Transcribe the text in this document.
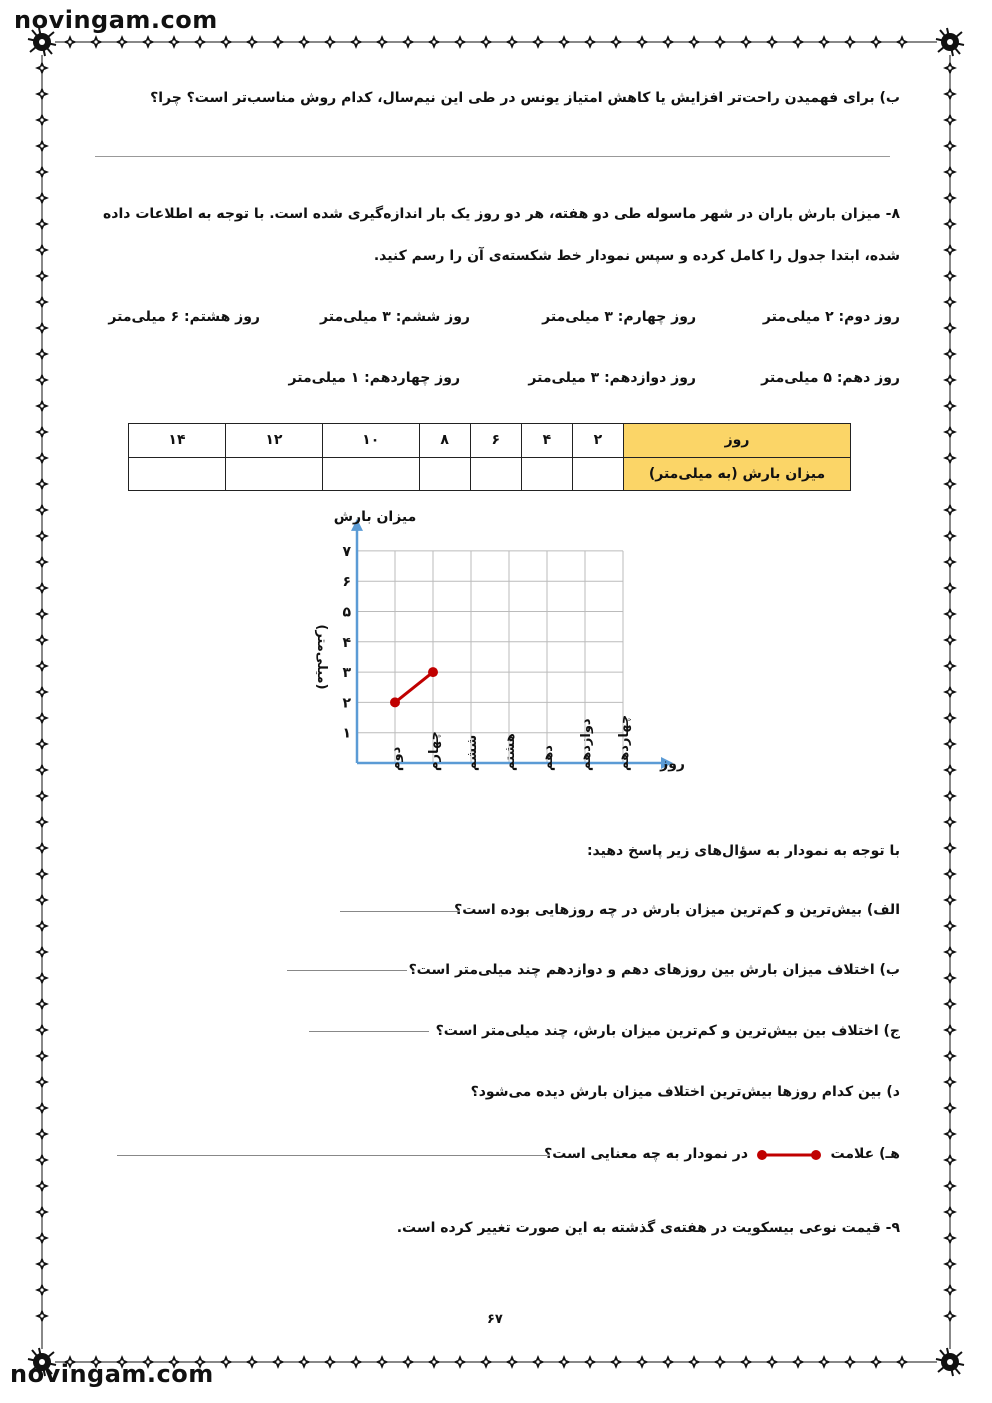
novingam.com
novingam.com
ب) برای فهمیدن راحت‌تر افزایش یا کاهش امتیاز یونس در طی این نیم‌سال، کدام روش مناسب‌تر است؟ چرا؟
۸- میزان بارش باران در شهر ماسوله طی دو هفته، هر دو روز یک بار اندازه‌گیری شده است. با توجه به اطلاعات داده
شده، ابتدا جدول را کامل کرده و سپس نمودار خط شکسته‌ی آن را رسم کنید.
روز دوم: ۲ میلی‌متر
روز چهارم: ۳ میلی‌متر
روز ششم: ۳ میلی‌متر
روز هشتم: ۶ میلی‌متر
روز دهم: ۵ میلی‌متر
روز دوازدهم: ۳ میلی‌متر
روز چهاردهم: ۱ میلی‌متر
روز	۲	۴	۶	۸	۱۰	۱۲	۱۴
میزان بارش (به میلی‌متر)							
۱
۲
۳
۴
۵
۶
۷
دوم چهارم ششم هشتم دهم دوازدهم چهاردهم
میزان بارش
(میلی‌متر)
روز
با توجه به نمودار به سؤال‌های زیر پاسخ دهید:
الف) بیش‌ترین و کم‌ترین میزان بارش در چه روزهایی بوده است؟
ب) اختلاف میزان بارش بین روزهای دهم و دوازدهم چند میلی‌متر است؟
ج) اختلاف بین بیش‌ترین و کم‌ترین میزان بارش، چند میلی‌متر است؟
د) بین کدام روزها بیش‌ترین اختلاف میزان بارش دیده می‌شود؟
هـ) علامت
در نمودار به چه معنایی است؟
۹- قیمت نوعی بیسکویت در هفته‌ی گذشته به این صورت تغییر کرده است.
۶۷
